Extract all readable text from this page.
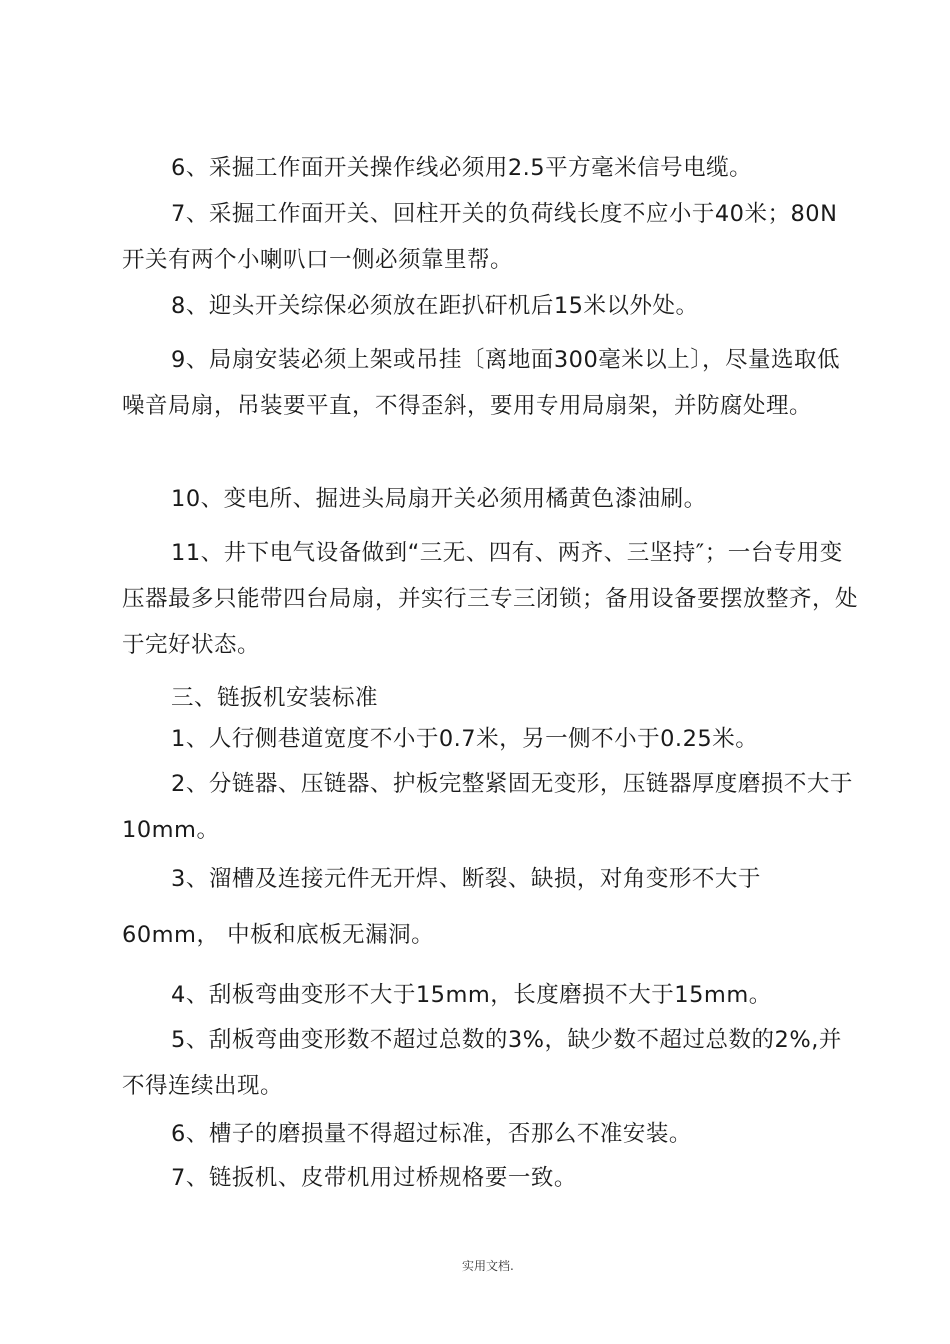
6、采掘工作面开关操作线必须用2.5平方毫米信号电缆。

7、采掘工作面开关、回柱开关的负荷线长度不应小于40米；80N开关有两个小喇叭口一侧必须靠里帮。

8、迎头开关综保必须放在距扒矸机后15米以外处。

9、局扇安装必须上架或吊挂〔离地面300毫米以上〕，尽量选取低噪音局扇，吊装要平直，不得歪斜，要用专用局扇架，并防腐处理。

10、变电所、掘进头局扇开关必须用橘黄色漆油刷。

11、井下电气设备做到“三无、四有、两齐、三坚持″；一台专用变压器最多只能带四台局扇，并实行三专三闭锁；备用设备要摆放整齐，处于完好状态。

三、链扳机安装标准

1、人行侧巷道宽度不小于0.7米，另一侧不小于0.25米。

2、分链器、压链器、护板完整紧固无变形，压链器厚度磨损不大于10mm。

3、溜槽及连接元件无开焊、断裂、缺损，对角变形不大于

60mm， 中板和底板无漏洞。

4、刮板弯曲变形不大于15mm，长度磨损不大于15mm。

5、刮板弯曲变形数不超过总数的3%，缺少数不超过总数的2%,并不得连续出现。

6、槽子的磨损量不得超过标准，否那么不准安装。

7、链扳机、皮带机用过桥规格要一致。

实用文档.
